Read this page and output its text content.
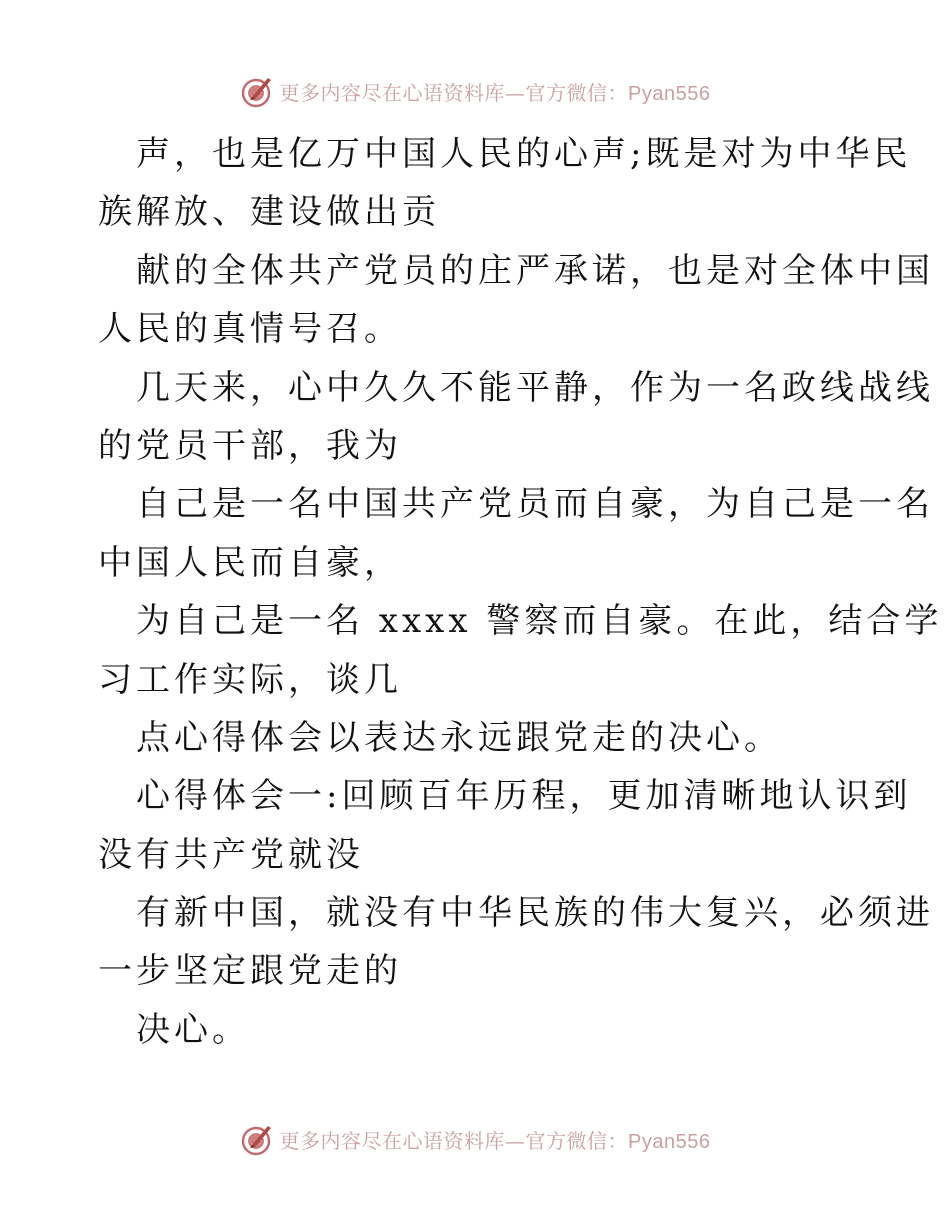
更多内容尽在心语资料库—官方微信：Pyan556
声，也是亿万中国人民的心声;既是对为中华民
族解放、建设做出贡
献的全体共产党员的庄严承诺，也是对全体中国
人民的真情号召。
几天来，心中久久不能平静，作为一名政线战线
的党员干部，我为
自己是一名中国共产党员而自豪，为自己是一名
中国人民而自豪，
为自己是一名 xxxx 警察而自豪。在此，结合学
习工作实际，谈几
点心得体会以表达永远跟党走的决心。
心得体会一:回顾百年历程，更加清晰地认识到
没有共产党就没
有新中国，就没有中华民族的伟大复兴，必须进
一步坚定跟党走的
决心。
更多内容尽在心语资料库—官方微信：Pyan556
